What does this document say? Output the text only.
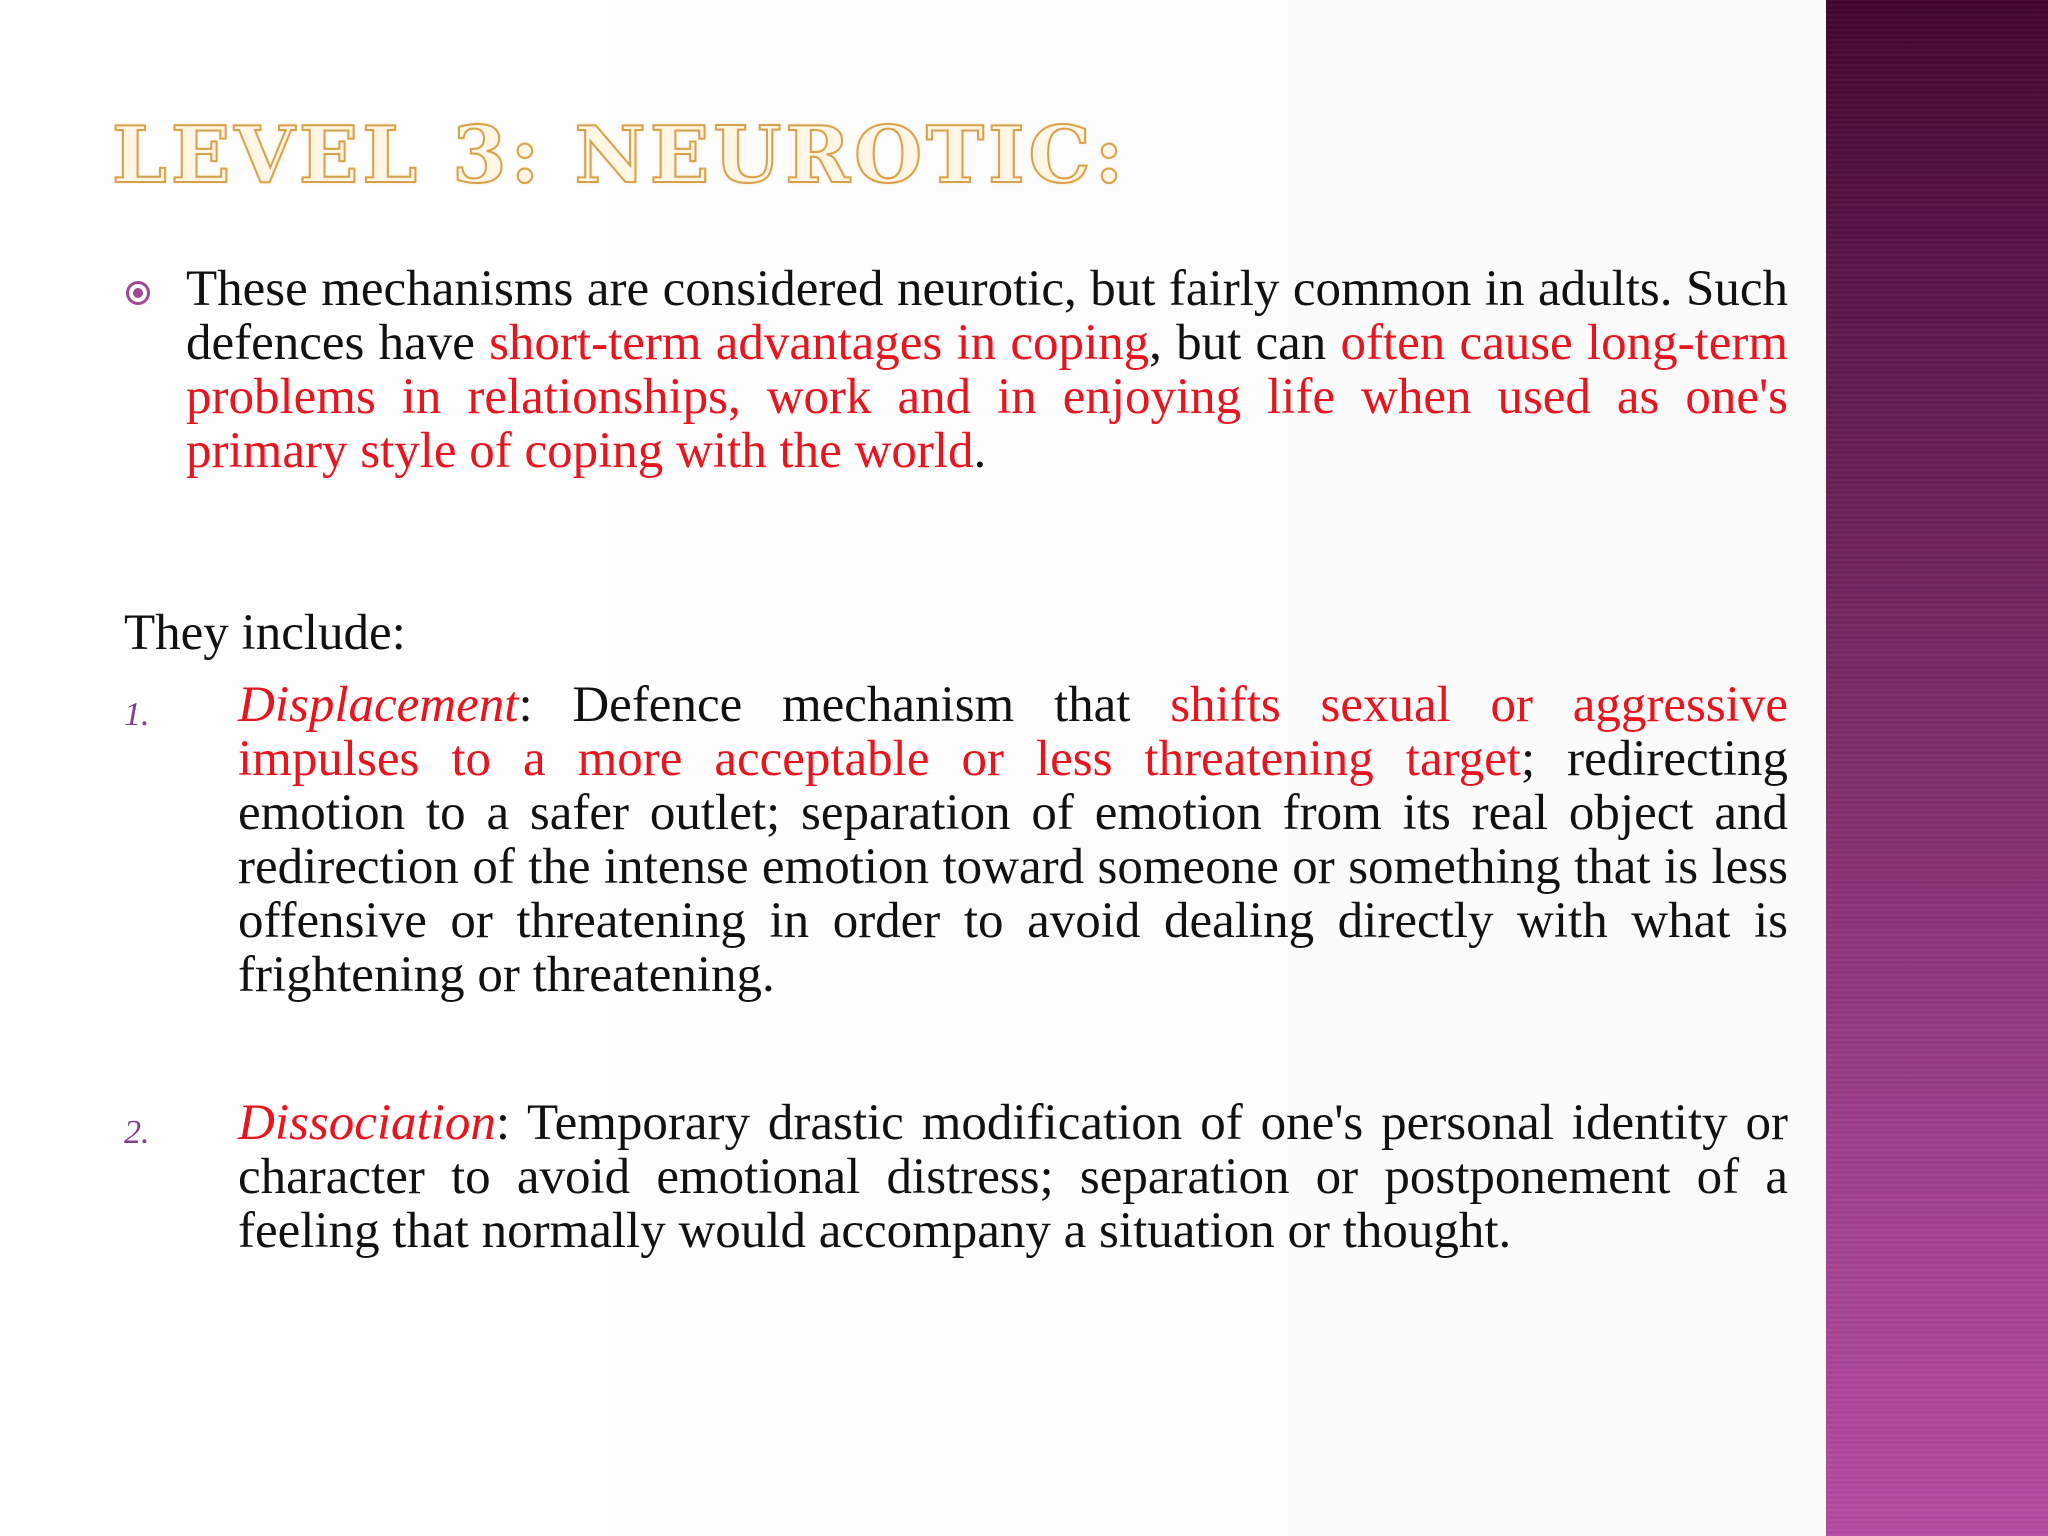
LEVEL 3: NEUROTIC:

These mechanisms are considered neurotic, but fairly common in adults. Such defences have short-term advantages in coping, but can often cause long-term problems in relationships, work and in enjoying life when used as one's primary style of coping with the world.

They include:

1. Displacement: Defence mechanism that shifts sexual or aggressive impulses to a more acceptable or less threatening target; redirecting emotion to a safer outlet; separation of emotion from its real object and redirection of the intense emotion toward someone or something that is less offensive or threatening in order to avoid dealing directly with what is frightening or threatening.

2. Dissociation: Temporary drastic modification of one's personal identity or character to avoid emotional distress; separation or postponement of a feeling that normally would accompany a situation or thought.
